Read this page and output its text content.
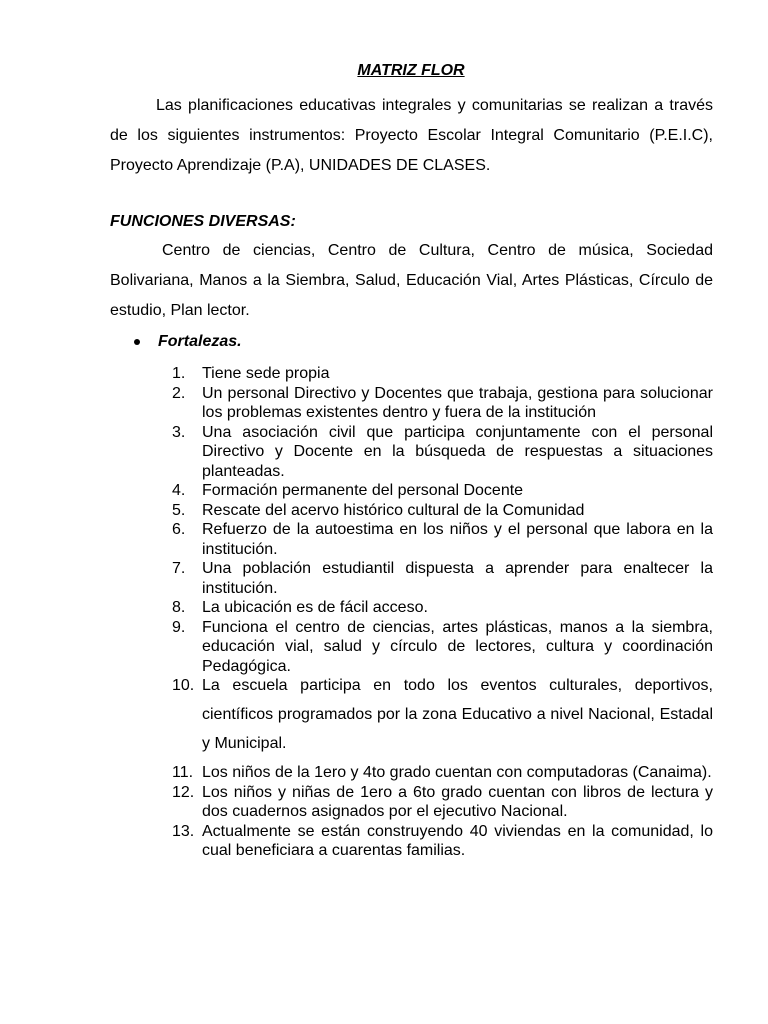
MATRIZ FLOR

Las planificaciones educativas integrales y comunitarias se realizan a través de los siguientes instrumentos: Proyecto Escolar Integral Comunitario (P.E.I.C), Proyecto Aprendizaje (P.A), UNIDADES DE CLASES.

FUNCIONES DIVERSAS:

Centro de ciencias, Centro de Cultura, Centro de música, Sociedad Bolivariana, Manos a la Siembra, Salud, Educación Vial, Artes Plásticas, Círculo de estudio, Plan lector.

Fortalezas.
1.	Tiene sede propia
2.	Un personal Directivo y Docentes que trabaja, gestiona para solucionar los problemas existentes dentro y fuera de la institución
3.	Una asociación civil que participa conjuntamente con el personal Directivo y Docente en la búsqueda de respuestas a situaciones planteadas.
4.	Formación permanente del personal Docente
5.	Rescate del acervo histórico cultural de la Comunidad
6.	Refuerzo de la autoestima en los niños y el personal que labora en la institución.
7.	Una población estudiantil dispuesta a aprender para enaltecer la institución.
8.	La ubicación es de fácil acceso.
9.	Funciona el centro de ciencias, artes plásticas, manos a la siembra, educación vial, salud y círculo de lectores, cultura y coordinación Pedagógica.
10. La escuela participa en todo los eventos culturales, deportivos, científicos programados por la zona Educativo a nivel Nacional, Estadal y Municipal.
11. Los niños de la 1ero y 4to grado cuentan con computadoras (Canaima).
12. Los niños y niñas de 1ero a 6to grado cuentan con libros de lectura y dos cuadernos asignados por el ejecutivo Nacional.
13. Actualmente se están construyendo 40 viviendas en la comunidad, lo cual beneficiara a cuarentas familias.
